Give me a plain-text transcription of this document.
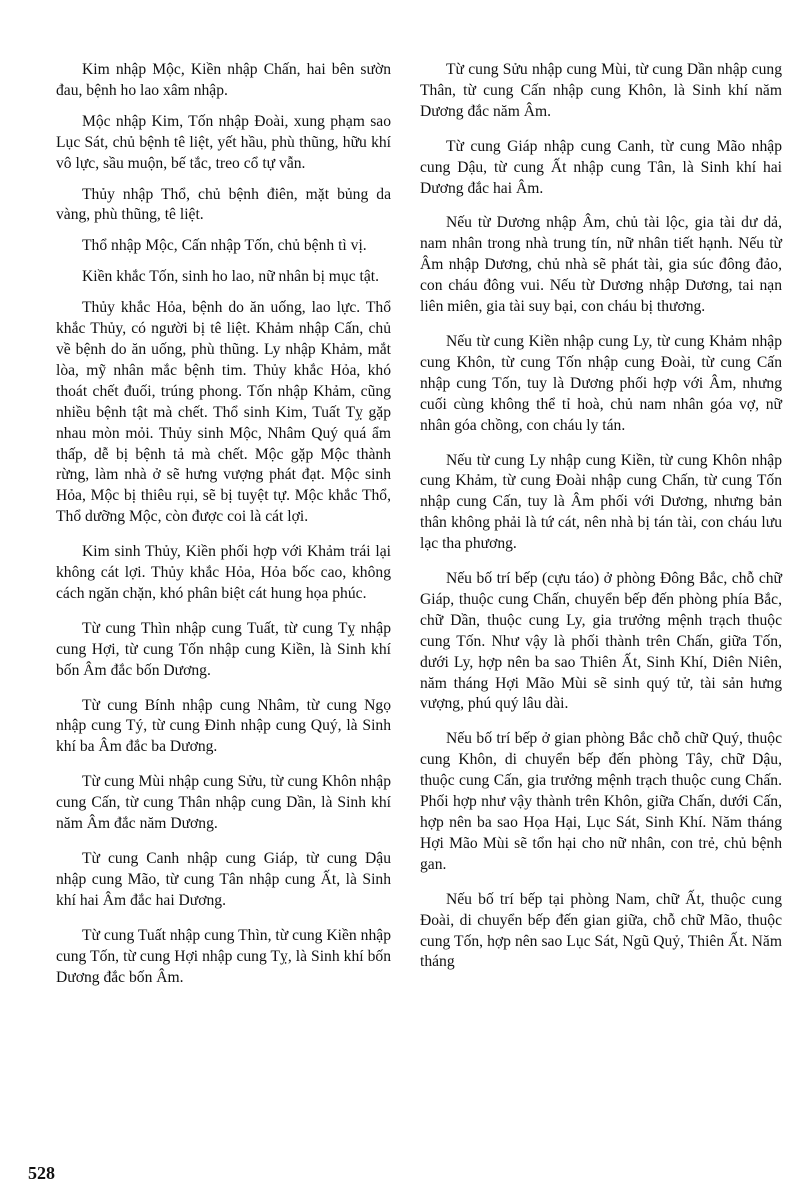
Kim nhập Mộc, Kiền nhập Chấn, hai bên sườn đau, bệnh ho lao xâm nhập.

Mộc nhập Kim, Tốn nhập Đoài, xung phạm sao Lục Sát, chủ bệnh tê liệt, yết hầu, phù thũng, hữu khí vô lực, sầu muộn, bế tắc, treo cổ tự vẫn.

Thủy nhập Thổ, chủ bệnh điên, mặt bủng da vàng, phù thũng, tê liệt.

Thổ nhập Mộc, Cấn nhập Tốn, chủ bệnh tì vị.

Kiền khắc Tốn, sinh ho lao, nữ nhân bị mục tật.

Thủy khắc Hỏa, bệnh do ăn uống, lao lực. Thổ khắc Thủy, có người bị tê liệt. Khảm nhập Cấn, chủ về bệnh do ăn uống, phù thũng. Ly nhập Khảm, mắt lòa, mỹ nhân mắc bệnh tim. Thủy khắc Hỏa, khó thoát chết đuối, trúng phong. Tốn nhập Khảm, cũng nhiều bệnh tật mà chết. Thổ sinh Kim, Tuất Tỵ gặp nhau mòn mỏi. Thủy sinh Mộc, Nhâm Quý quá ẩm thấp, dễ bị bệnh tả mà chết. Mộc gặp Mộc thành rừng, làm nhà ở sẽ hưng vượng phát đạt. Mộc sinh Hỏa, Mộc bị thiêu rụi, sẽ bị tuyệt tự. Mộc khắc Thổ, Thổ dưỡng Mộc, còn được coi là cát lợi.

Kim sinh Thủy, Kiền phối hợp với Khảm trái lại không cát lợi. Thủy khắc Hỏa, Hỏa bốc cao, không cách ngăn chặn, khó phân biệt cát hung họa phúc.

Từ cung Thìn nhập cung Tuất, từ cung Tỵ nhập cung Hợi, từ cung Tốn nhập cung Kiền, là Sinh khí bốn Âm đắc bốn Dương.

Từ cung Bính nhập cung Nhâm, từ cung Ngọ nhập cung Tý, từ cung Đinh nhập cung Quý, là Sinh khí ba Âm đắc ba Dương.

Từ cung Mùi nhập cung Sửu, từ cung Khôn nhập cung Cấn, từ cung Thân nhập cung Dần, là Sinh khí năm Âm đắc năm Dương.

Từ cung Canh nhập cung Giáp, từ cung Dậu nhập cung Mão, từ cung Tân nhập cung Ất, là Sinh khí hai Âm đắc hai Dương.

Từ cung Tuất nhập cung Thìn, từ cung Kiền nhập cung Tốn, từ cung Hợi nhập cung Tỵ, là Sinh khí bốn Dương đắc bốn Âm.

Từ cung Sửu nhập cung Mùi, từ cung Dần nhập cung Thân, từ cung Cấn nhập cung Khôn, là Sinh khí năm Dương đắc năm Âm.

Từ cung Giáp nhập cung Canh, từ cung Mão nhập cung Dậu, từ cung Ất nhập cung Tân, là Sinh khí hai Dương đắc hai Âm.

Nếu từ Dương nhập Âm, chủ tài lộc, gia tài dư dả, nam nhân trong nhà trung tín, nữ nhân tiết hạnh. Nếu từ Âm nhập Dương, chủ nhà sẽ phát tài, gia súc đông đảo, con cháu đông vui. Nếu từ Dương nhập Dương, tai nạn liên miên, gia tài suy bại, con cháu bị thương.

Nếu từ cung Kiền nhập cung Ly, từ cung Khảm nhập cung Khôn, từ cung Tốn nhập cung Đoài, từ cung Cấn nhập cung Tốn, tuy là Dương phối hợp với Âm, nhưng cuối cùng không thể tỉ hoà, chủ nam nhân góa vợ, nữ nhân góa chồng, con cháu ly tán.

Nếu từ cung Ly nhập cung Kiền, từ cung Khôn nhập cung Khảm, từ cung Đoài nhập cung Chấn, từ cung Tốn nhập cung Cấn, tuy là Âm phối với Dương, nhưng bản thân không phải là tứ cát, nên nhà bị tán tài, con cháu lưu lạc tha phương.

Nếu bố trí bếp (cựu táo) ở phòng Đông Bắc, chỗ chữ Giáp, thuộc cung Chấn, chuyển bếp đến phòng phía Bắc, chữ Dần, thuộc cung Ly, gia trưởng mệnh trạch thuộc cung Tốn. Như vậy là phối thành trên Chấn, giữa Tốn, dưới Ly, hợp nên ba sao Thiên Ất, Sinh Khí, Diên Niên, năm tháng Hợi Mão Mùi sẽ sinh quý tử, tài sản hưng vượng, phú quý lâu dài.

Nếu bố trí bếp ở gian phòng Bắc chỗ chữ Quý, thuộc cung Khôn, di chuyển bếp đến phòng Tây, chữ Dậu, thuộc cung Cấn, gia trưởng mệnh trạch thuộc cung Chấn. Phối hợp như vậy thành trên Khôn, giữa Chấn, dưới Cấn, hợp nên ba sao Họa Hại, Lục Sát, Sinh Khí. Năm tháng Hợi Mão Mùi sẽ tổn hại cho nữ nhân, con trẻ, chủ bệnh gan.

Nếu bố trí bếp tại phòng Nam, chữ Ất, thuộc cung Đoài, di chuyển bếp đến gian giữa, chỗ chữ Mão, thuộc cung Tốn, hợp nên sao Lục Sát, Ngũ Quỷ, Thiên Ất. Năm tháng

528
